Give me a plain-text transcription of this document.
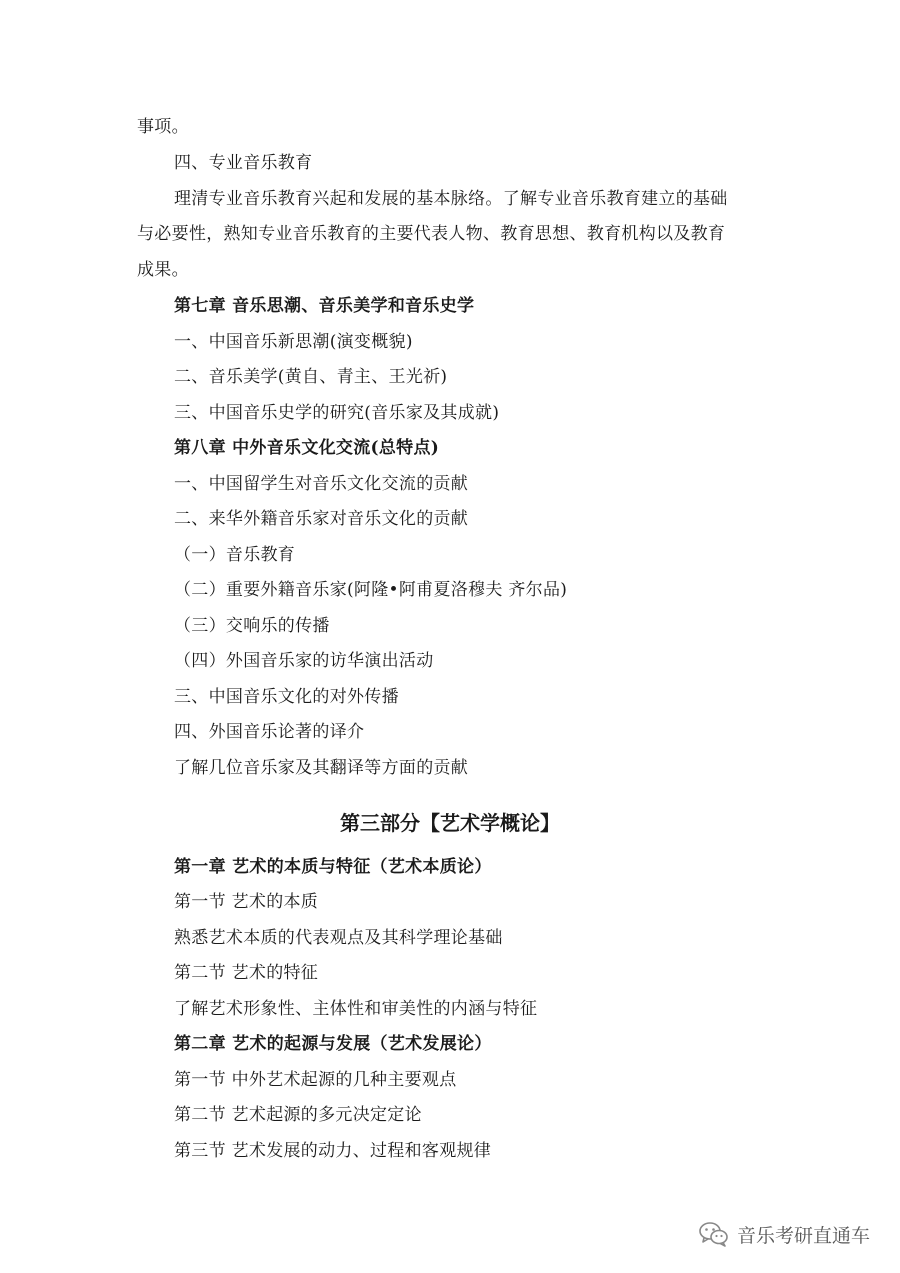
事项。
四、专业音乐教育
理清专业音乐教育兴起和发展的基本脉络。了解专业音乐教育建立的基础
与必要性，熟知专业音乐教育的主要代表人物、教育思想、教育机构以及教育
成果。
第七章 音乐思潮、音乐美学和音乐史学
一、中国音乐新思潮(演变概貌)
二、音乐美学(黄自、青主、王光祈)
三、中国音乐史学的研究(音乐家及其成就)
第八章 中外音乐文化交流(总特点)
一、中国留学生对音乐文化交流的贡献
二、来华外籍音乐家对音乐文化的贡献
（一）音乐教育
（二）重要外籍音乐家(阿隆•阿甫夏洛穆夫 齐尔品)
（三）交响乐的传播
（四）外国音乐家的访华演出活动
三、中国音乐文化的对外传播
四、外国音乐论著的译介
了解几位音乐家及其翻译等方面的贡献
第三部分【艺术学概论】
第一章 艺术的本质与特征（艺术本质论）
第一节 艺术的本质
熟悉艺术本质的代表观点及其科学理论基础
第二节 艺术的特征
了解艺术形象性、主体性和审美性的内涵与特征
第二章 艺术的起源与发展（艺术发展论）
第一节 中外艺术起源的几种主要观点
第二节 艺术起源的多元决定定论
第三节 艺术发展的动力、过程和客观规律
音乐考研直通车
